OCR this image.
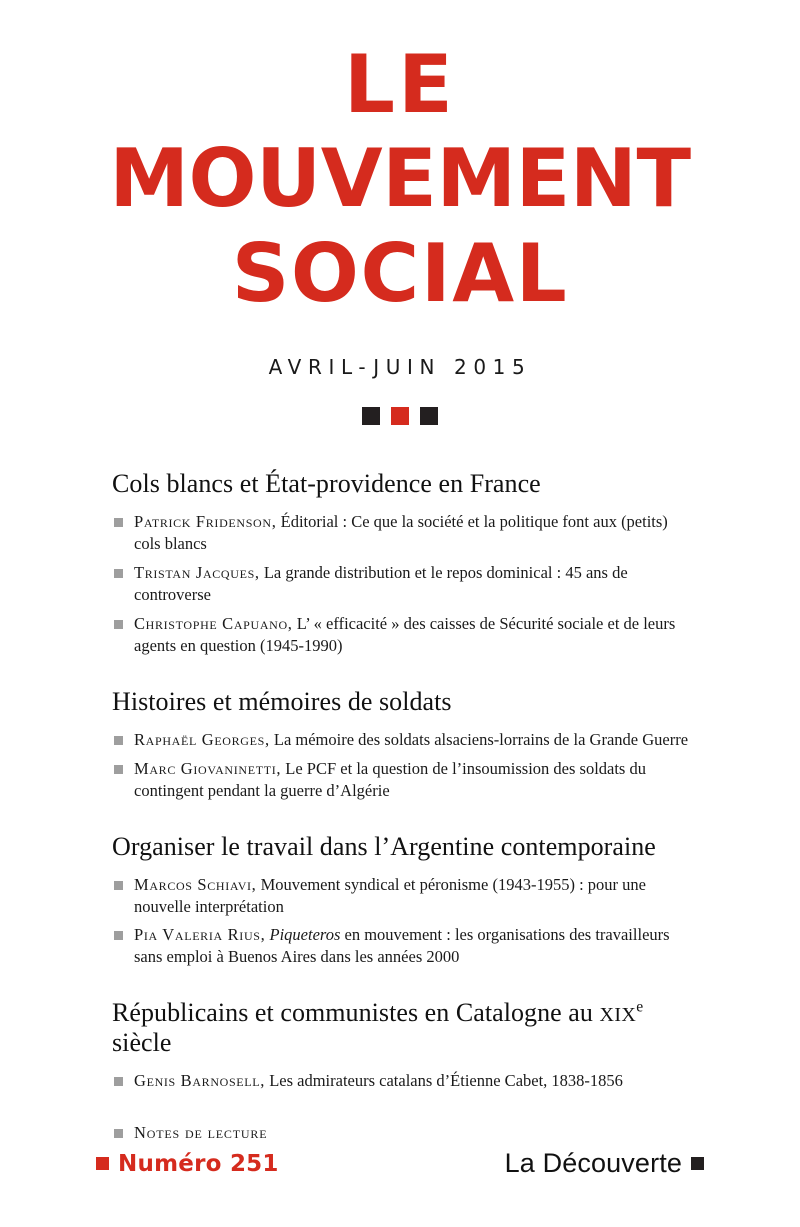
LE
MOUVEMENT
SOCIAL
AVRIL-JUIN 2015
Cols blancs et État-providence en France
Patrick Fridenson, Éditorial : Ce que la société et la politique font aux (petits) cols blancs
Tristan Jacques, La grande distribution et le repos dominical : 45 ans de controverse
Christophe Capuano, L’ « efficacité » des caisses de Sécurité sociale et de leurs agents en question (1945-1990)
Histoires et mémoires de soldats
Raphaël Georges, La mémoire des soldats alsaciens-lorrains de la Grande Guerre
Marc Giovaninetti, Le PCF et la question de l’insoumission des soldats du contingent pendant la guerre d’Algérie
Organiser le travail dans l’Argentine contemporaine
Marcos Schiavi, Mouvement syndical et péronisme (1943-1955) : pour une nouvelle interprétation
Pia Valeria Rius, Piqueteros en mouvement : les organisations des travailleurs sans emploi à Buenos Aires dans les années 2000
Républicains et communistes en Catalogne au XIXe siècle
Genis Barnosell, Les admirateurs catalans d’Étienne Cabet, 1838-1856
Notes de lecture
Numéro 251	La Découverte
